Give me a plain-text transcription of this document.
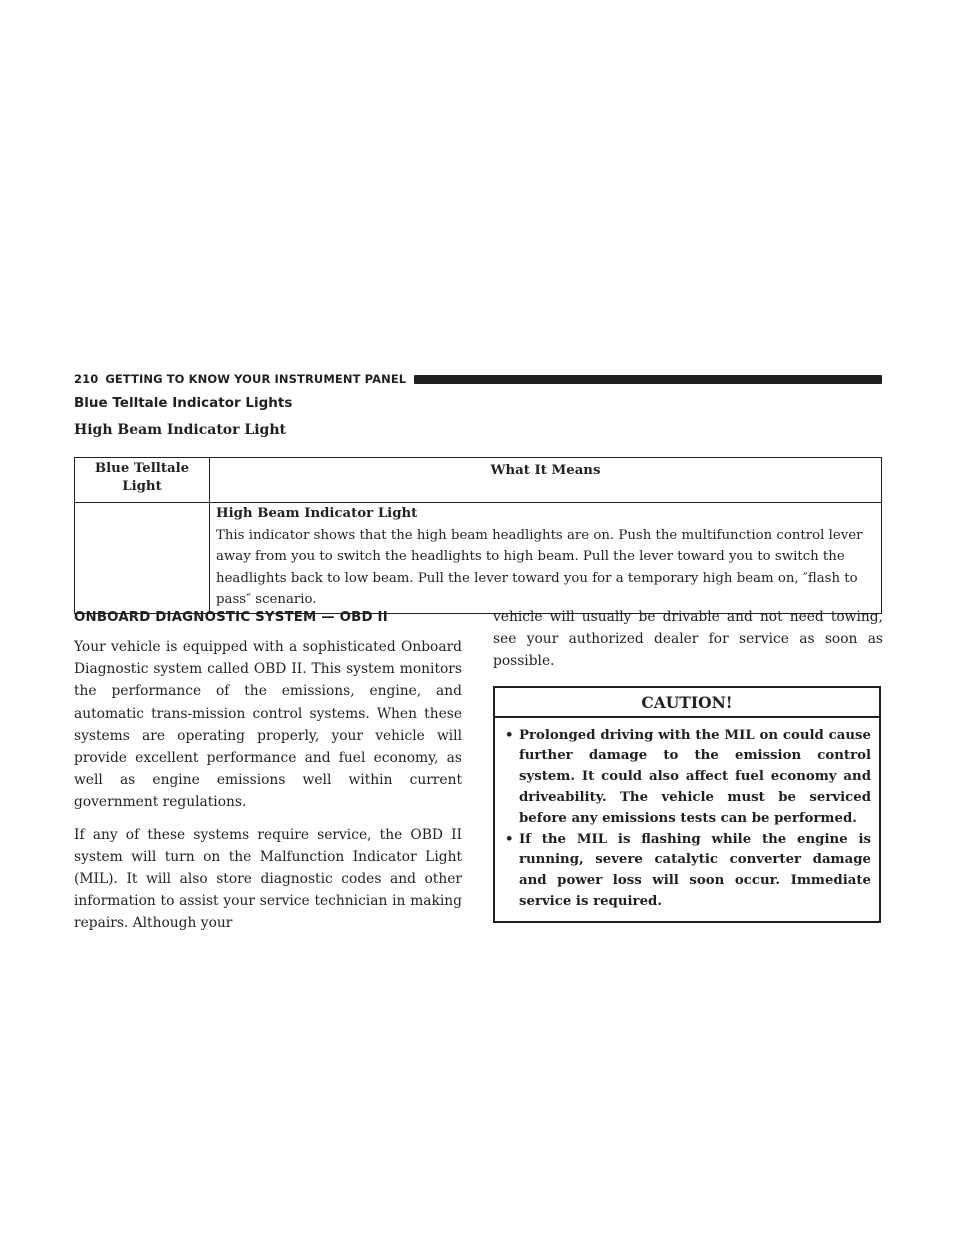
210 GETTING TO KNOW YOUR INSTRUMENT PANEL
Blue Telltale Indicator Lights
High Beam Indicator Light
Blue Telltale Light	What It Means

	High Beam Indicator Light
This indicator shows that the high beam headlights are on. Push the multifunction control lever away from you to switch the headlights to high beam. Pull the lever toward you to switch the headlights back to low beam. Pull the lever toward you for a temporary high beam on, ″flash to pass″ scenario.
ONBOARD DIAGNOSTIC SYSTEM — OBD II

Your vehicle is equipped with a sophisticated Onboard Diagnostic system called OBD II. This system monitors the performance of the emissions, engine, and automatic trans-mission control systems. When these systems are operating properly, your vehicle will provide excellent performance and fuel economy, as well as engine emissions well within current government regulations.

If any of these systems require service, the OBD II system will turn on the Malfunction Indicator Light (MIL). It will also store diagnostic codes and other information to assist your service technician in making repairs. Although your

vehicle will usually be drivable and not need towing, see your authorized dealer for service as soon as possible.

CAUTION!
• Prolonged driving with the MIL on could cause further damage to the emission control system. It could also affect fuel economy and driveability. The vehicle must be serviced before any emissions tests can be performed.
• If the MIL is flashing while the engine is running, severe catalytic converter damage and power loss will soon occur. Immediate service is required.
